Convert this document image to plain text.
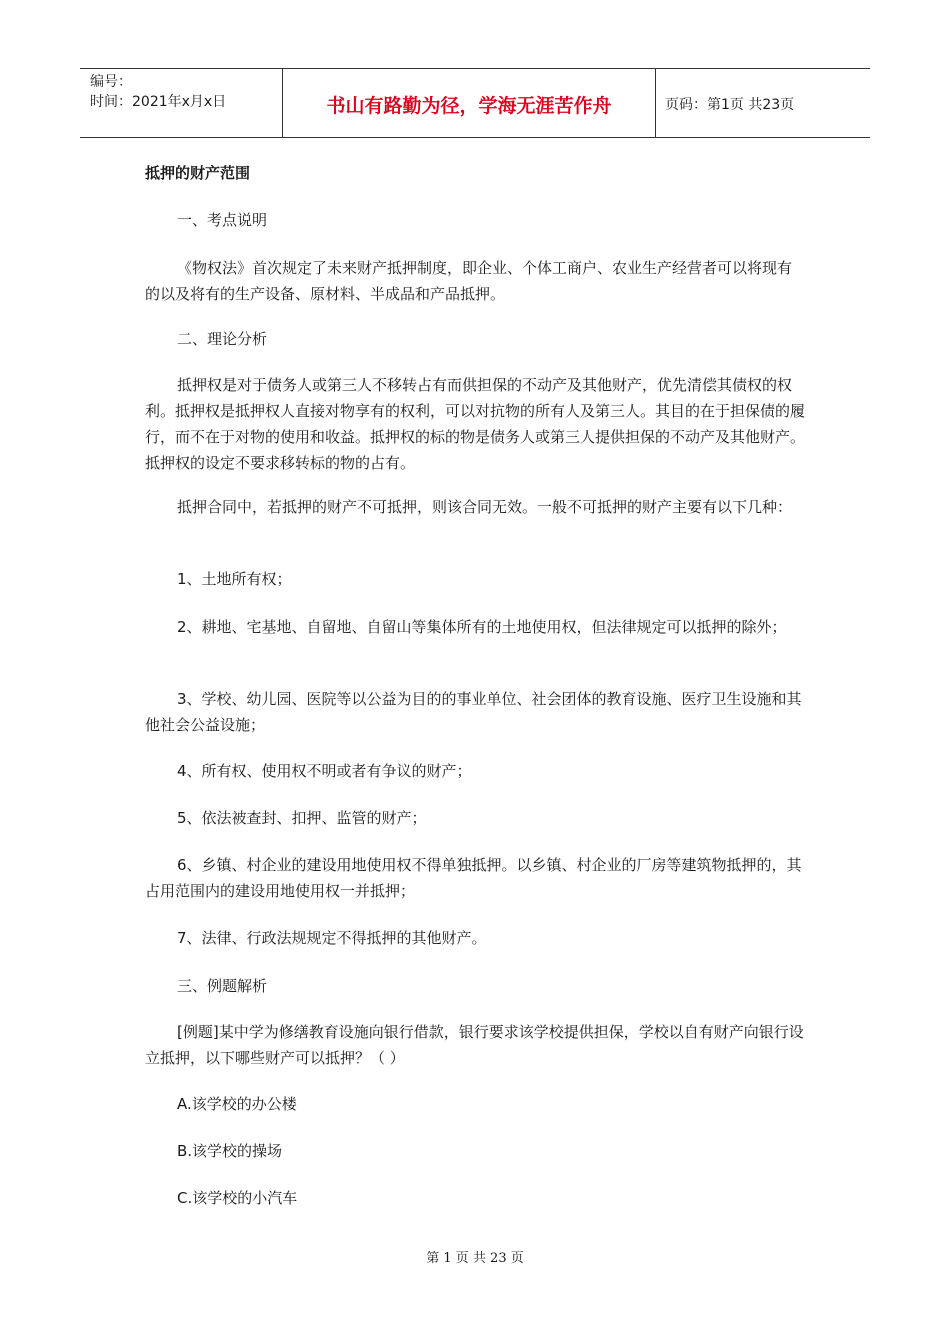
编号：
时间：2021年x月x日	书山有路勤为径，学海无涯苦作舟	页码：第1页 共23页

抵押的财产范围

一、考点说明

《物权法》首次规定了未来财产抵押制度，即企业、个体工商户、农业生产经营者可以将现有的以及将有的生产设备、原材料、半成品和产品抵押。

二、理论分析

抵押权是对于债务人或第三人不移转占有而供担保的不动产及其他财产，优先清偿其债权的权利。抵押权是抵押权人直接对物享有的权利，可以对抗物的所有人及第三人。其目的在于担保债的履行，而不在于对物的使用和收益。抵押权的标的物是债务人或第三人提供担保的不动产及其他财产。抵押权的设定不要求移转标的物的占有。

抵押合同中，若抵押的财产不可抵押，则该合同无效。一般不可抵押的财产主要有以下几种：

1、土地所有权；

2、耕地、宅基地、自留地、自留山等集体所有的土地使用权，但法律规定可以抵押的除外；

3、学校、幼儿园、医院等以公益为目的的事业单位、社会团体的教育设施、医疗卫生设施和其他社会公益设施；

4、所有权、使用权不明或者有争议的财产；

5、依法被查封、扣押、监管的财产；

6、乡镇、村企业的建设用地使用权不得单独抵押。以乡镇、村企业的厂房等建筑物抵押的，其占用范围内的建设用地使用权一并抵押；

7、法律、行政法规规定不得抵押的其他财产。

三、例题解析

[例题]某中学为修缮教育设施向银行借款，银行要求该学校提供担保，学校以自有财产向银行设立抵押，以下哪些财产可以抵押？（ ）

A.该学校的办公楼

B.该学校的操场

C.该学校的小汽车

第 1 页 共 23 页
